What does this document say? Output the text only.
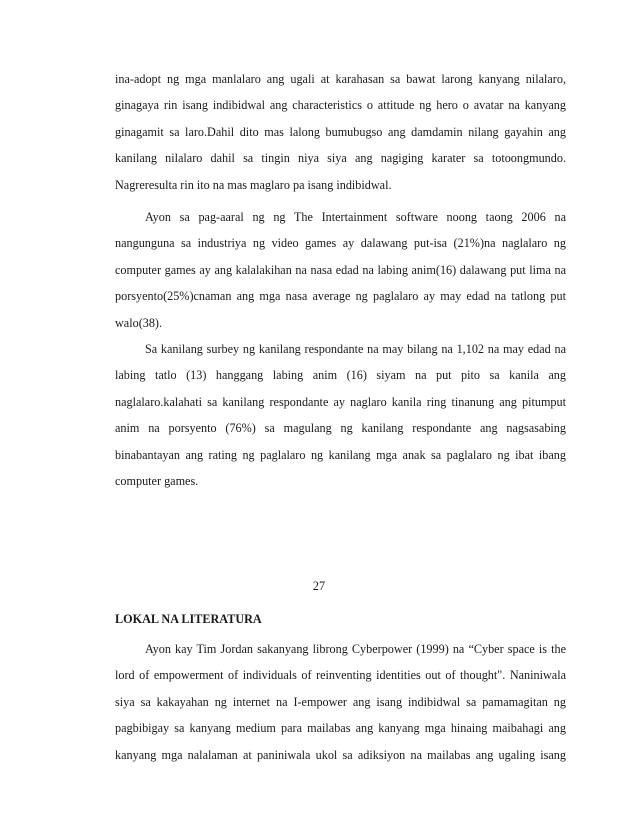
ina-adopt ng mga manlalaro ang ugali at karahasan sa bawat larong kanyang nilalaro,
ginagaya rin isang indibidwal ang characteristics o attitude ng hero o avatar na kanyang
ginagamit sa laro.Dahil dito mas lalong bumubugso ang damdamin nilang gayahin ang
kanilang nilalaro dahil sa tingin niya siya ang nagiging karater sa totoongmundo.
Nagreresulta rin ito na mas maglaro pa isang indibidwal.
Ayon sa pag-aaral ng ng The Intertainment software noong taong 2006 na
nangunguna sa industriya ng video games ay dalawang put-isa (21%)na naglalaro ng
computer games ay ang kalalakihan na nasa edad na labing anim(16) dalawang put lima na
porsyento(25%)cnaman ang mga nasa average ng paglalaro ay may edad na tatlong put
walo(38).
Sa kanilang surbey ng kanilang respondante na may bilang na 1,102 na may edad na
labing tatlo (13) hanggang labing anim (16) siyam na put pito sa kanila ang
naglalaro.kalahati sa kanilang respondante ay naglaro kanila ring tinanung ang pitumput
anim na porsyento (76%) sa magulang ng kanilang respondante ang nagsasabing
binabantayan ang rating ng paglalaro ng kanilang mga anak sa paglalaro ng ibat ibang
computer games.
27
LOKAL NA LITERATURA
Ayon kay Tim Jordan sakanyang librong Cyberpower (1999) na “Cyber space is the
lord of empowerment of individuals of reinventing identities out of thought". Naniniwala
siya sa kakayahan ng internet na I-empower ang isang indibidwal sa pamamagitan ng
pagbibigay sa kanyang medium para mailabas ang kanyang mga hinaing maibahagi ang
kanyang mga nalalaman at paniniwala ukol sa adiksiyon na mailabas ang ugaling isang
